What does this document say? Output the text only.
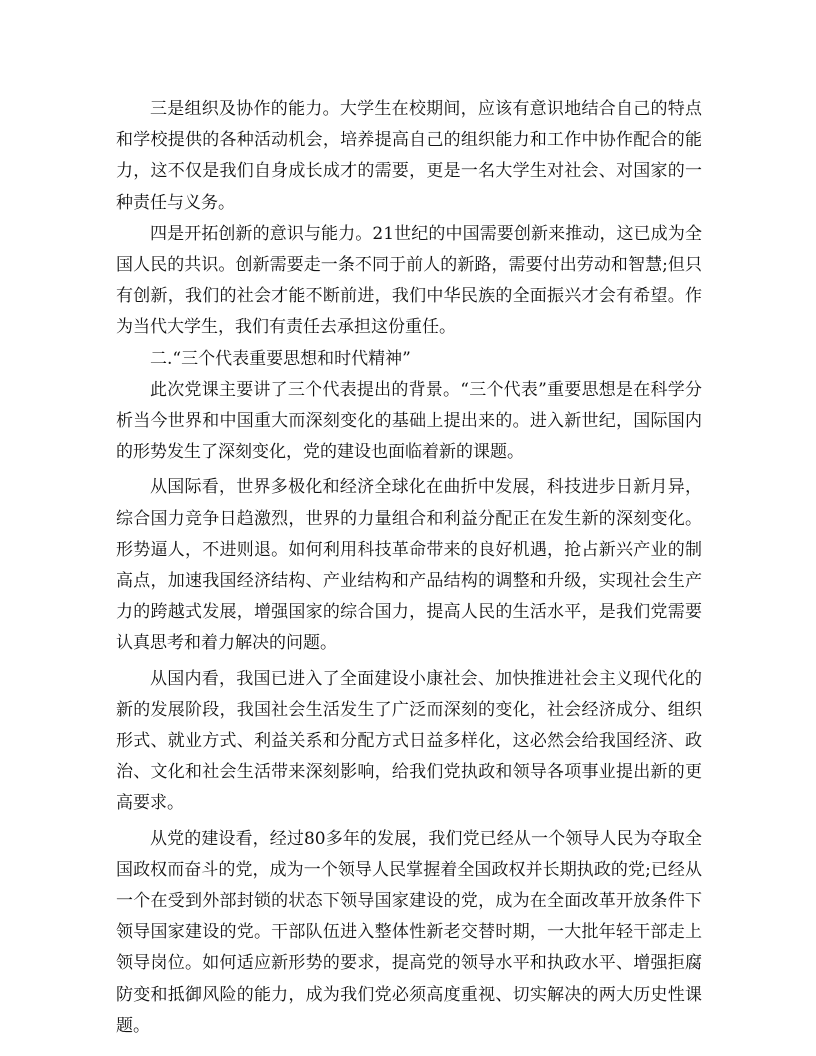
三是组织及协作的能力。大学生在校期间，应该有意识地结合自己的特点和学校提供的各种活动机会，培养提高自己的组织能力和工作中协作配合的能力，这不仅是我们自身成长成才的需要，更是一名大学生对社会、对国家的一种责任与义务。

四是开拓创新的意识与能力。21世纪的中国需要创新来推动，这已成为全国人民的共识。创新需要走一条不同于前人的新路，需要付出劳动和智慧;但只有创新，我们的社会才能不断前进，我们中华民族的全面振兴才会有希望。作为当代大学生，我们有责任去承担这份重任。

二.“三个代表重要思想和时代精神”

此次党课主要讲了三个代表提出的背景。“三个代表”重要思想是在科学分析当今世界和中国重大而深刻变化的基础上提出来的。进入新世纪，国际国内的形势发生了深刻变化，党的建设也面临着新的课题。

从国际看，世界多极化和经济全球化在曲折中发展，科技进步日新月异，综合国力竞争日趋激烈，世界的力量组合和利益分配正在发生新的深刻变化。形势逼人，不进则退。如何利用科技革命带来的良好机遇，抢占新兴产业的制高点，加速我国经济结构、产业结构和产品结构的调整和升级，实现社会生产力的跨越式发展，增强国家的综合国力，提高人民的生活水平，是我们党需要认真思考和着力解决的问题。

从国内看，我国已进入了全面建设小康社会、加快推进社会主义现代化的新的发展阶段，我国社会生活发生了广泛而深刻的变化，社会经济成分、组织形式、就业方式、利益关系和分配方式日益多样化，这必然会给我国经济、政治、文化和社会生活带来深刻影响，给我们党执政和领导各项事业提出新的更高要求。

从党的建设看，经过80多年的发展，我们党已经从一个领导人民为夺取全国政权而奋斗的党，成为一个领导人民掌握着全国政权并长期执政的党;已经从一个在受到外部封锁的状态下领导国家建设的党，成为在全面改革开放条件下领导国家建设的党。干部队伍进入整体性新老交替时期，一大批年轻干部走上领导岗位。如何适应新形势的要求，提高党的领导水平和执政水平、增强拒腐防变和抵御风险的能力，成为我们党必须高度重视、切实解决的两大历史性课题。
